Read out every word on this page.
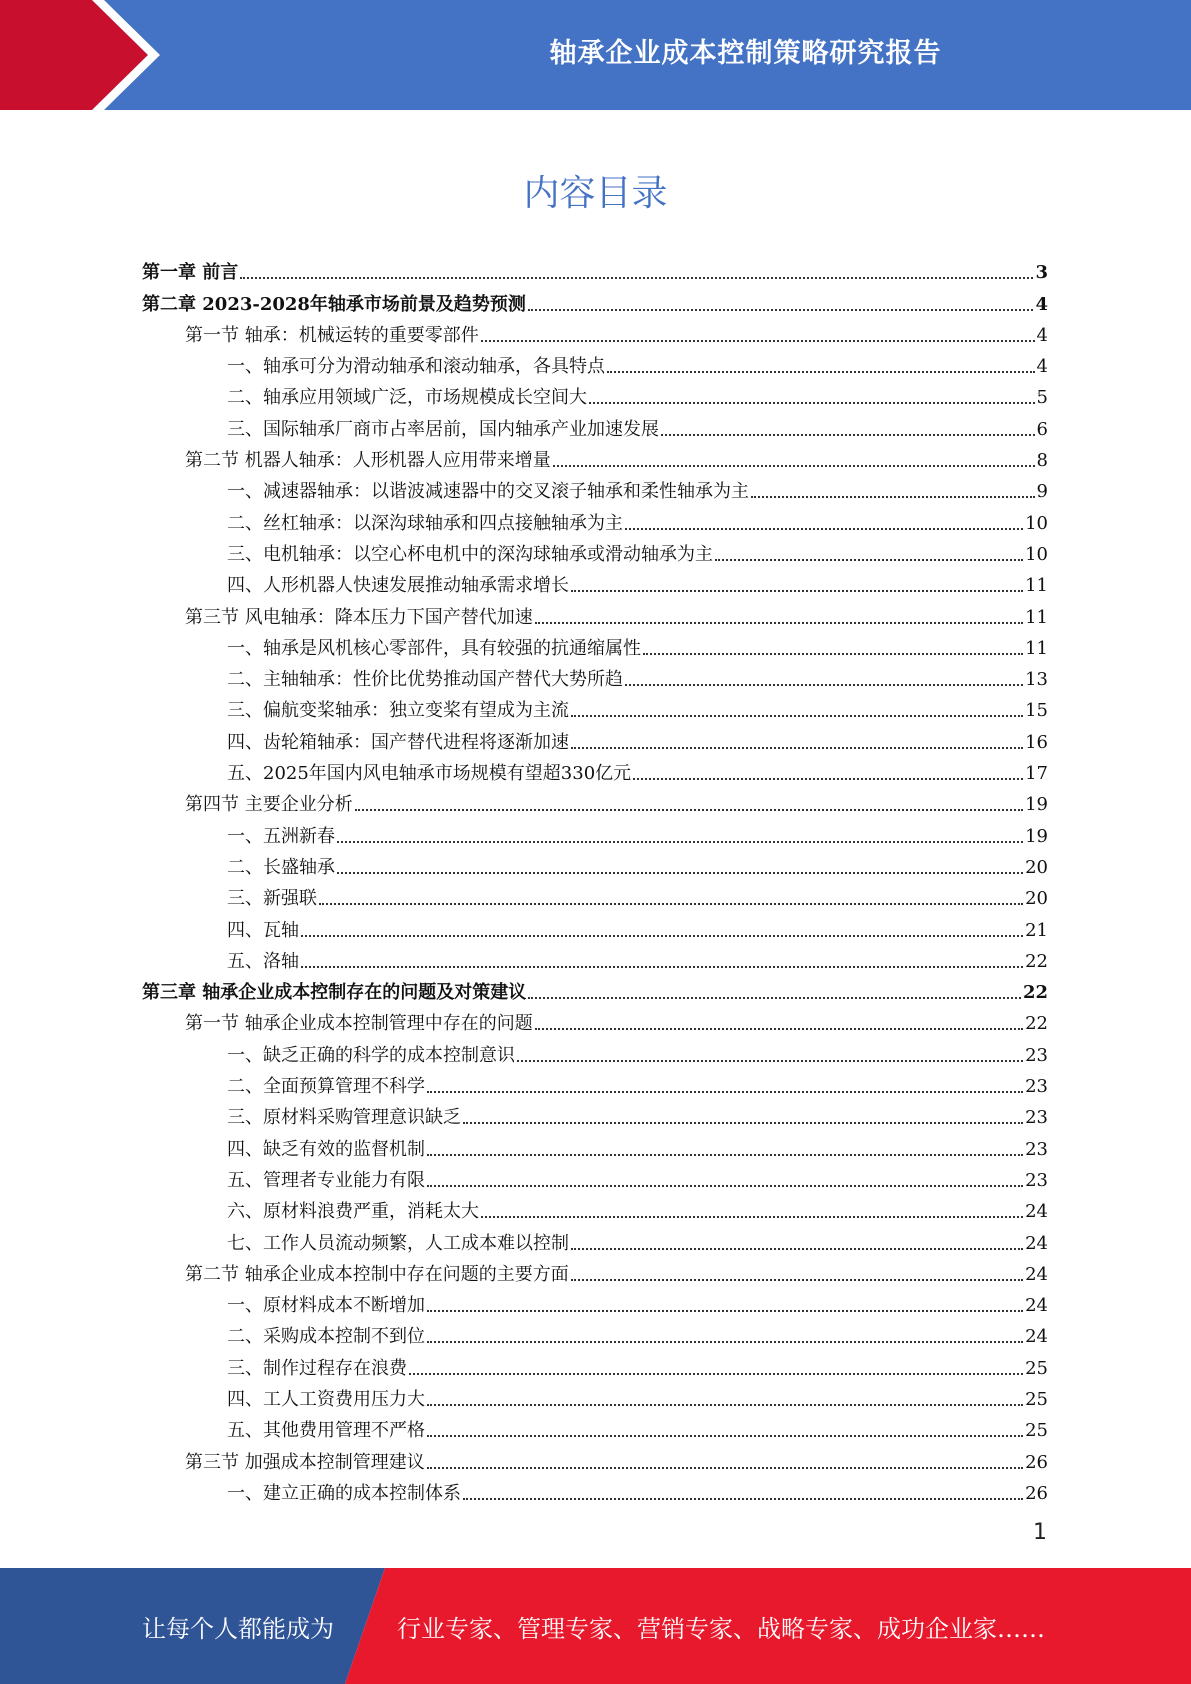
轴承企业成本控制策略研究报告
内容目录
第一章 前言	3
第二章 2023-2028年轴承市场前景及趋势预测	4
第一节 轴承：机械运转的重要零部件	4
一、轴承可分为滑动轴承和滚动轴承，各具特点	4
二、轴承应用领域广泛，市场规模成长空间大	5
三、国际轴承厂商市占率居前，国内轴承产业加速发展	6
第二节 机器人轴承：人形机器人应用带来增量	8
一、减速器轴承：以谐波减速器中的交叉滚子轴承和柔性轴承为主	9
二、丝杠轴承：以深沟球轴承和四点接触轴承为主	10
三、电机轴承：以空心杯电机中的深沟球轴承或滑动轴承为主	10
四、人形机器人快速发展推动轴承需求增长	11
第三节 风电轴承：降本压力下国产替代加速	11
一、轴承是风机核心零部件，具有较强的抗通缩属性	11
二、主轴轴承：性价比优势推动国产替代大势所趋	13
三、偏航变桨轴承：独立变桨有望成为主流	15
四、齿轮箱轴承：国产替代进程将逐渐加速	16
五、2025年国内风电轴承市场规模有望超330亿元	17
第四节 主要企业分析	19
一、五洲新春	19
二、长盛轴承	20
三、新强联	20
四、瓦轴	21
五、洛轴	22
第三章 轴承企业成本控制存在的问题及对策建议	22
第一节 轴承企业成本控制管理中存在的问题	22
一、缺乏正确的科学的成本控制意识	23
二、全面预算管理不科学	23
三、原材料采购管理意识缺乏	23
四、缺乏有效的监督机制	23
五、管理者专业能力有限	23
六、原材料浪费严重，消耗太大	24
七、工作人员流动频繁，人工成本难以控制	24
第二节 轴承企业成本控制中存在问题的主要方面	24
一、原材料成本不断增加	24
二、采购成本控制不到位	24
三、制作过程存在浪费	25
四、工人工资费用压力大	25
五、其他费用管理不严格	25
第三节 加强成本控制管理建议	26
一、建立正确的成本控制体系	26
1
让每个人都能成为	行业专家、管理专家、营销专家、战略专家、成功企业家……
